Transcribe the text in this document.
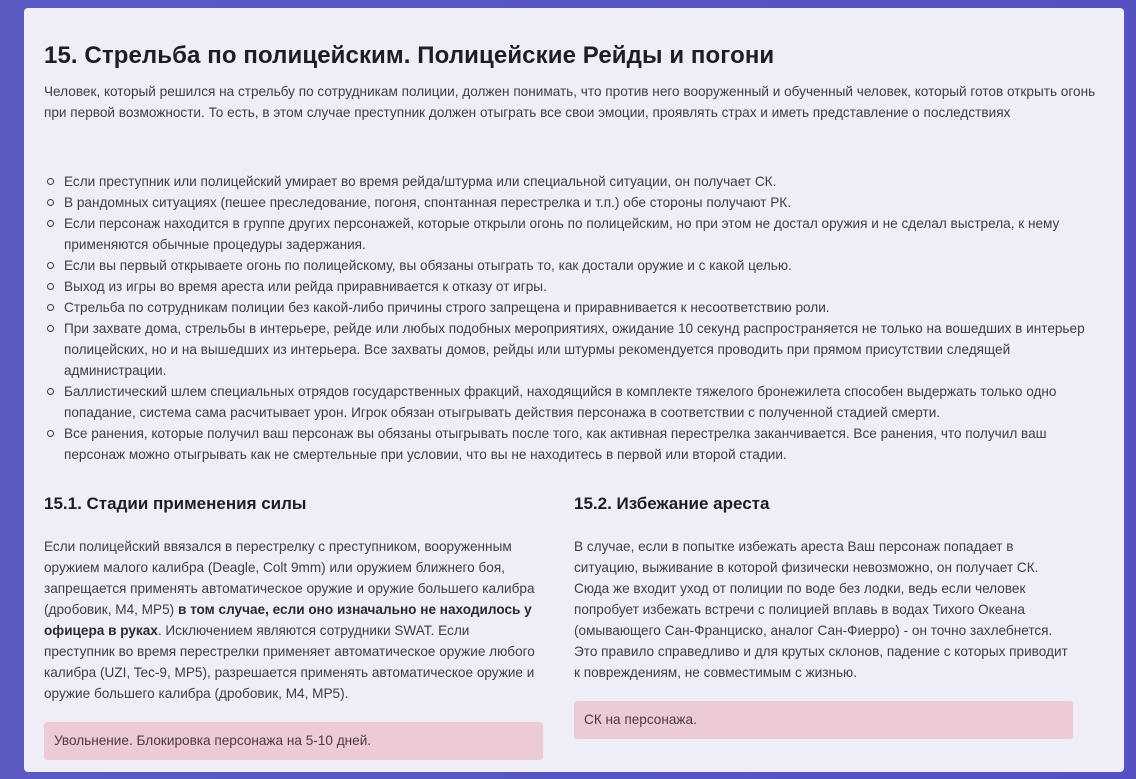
15. Стрельба по полицейским. Полицейские Рейды и погони

Человек, который решился на стрельбу по сотрудникам полиции, должен понимать, что против него вооруженный и обученный человек, который готов открыть огонь при первой возможности. То есть, в этом случае преступник должен отыграть все свои эмоции, проявлять страх и иметь представление о последствиях

Если преступник или полицейский умирает во время рейда/штурма или специальной ситуации, он получает СК.
В рандомных ситуациях (пешее преследование, погоня, спонтанная перестрелка и т.п.) обе стороны получают РК.
Если персонаж находится в группе других персонажей, которые открыли огонь по полицейским, но при этом не достал оружия и не сделал выстрела, к нему применяются обычные процедуры задержания.
Если вы первый открываете огонь по полицейскому, вы обязаны отыграть то, как достали оружие и с какой целью.
Выход из игры во время ареста или рейда приравнивается к отказу от игры.
Стрельба по сотрудникам полиции без какой-либо причины строго запрещена и приравнивается к несоответствию роли.
При захвате дома, стрельбы в интерьере, рейде или любых подобных мероприятиях, ожидание 10 секунд распространяется не только на вошедших в интерьер полицейских, но и на вышедших из интерьера. Все захваты домов, рейды или штурмы рекомендуется проводить при прямом присутствии следящей администрации.
Баллистический шлем специальных отрядов государственных фракций, находящийся в комплекте тяжелого бронежилета способен выдержать только одно попадание, система сама расчитывает урон. Игрок обязан отыгрывать действия персонажа в соответствии с полученной стадией смерти.
Все ранения, которые получил ваш персонаж вы обязаны отыгрывать после того, как активная перестрелка заканчивается. Все ранения, что получил ваш персонаж можно отыгрывать как не смертельные при условии, что вы не находитесь в первой или второй стадии.
15.1. Стадии применения силы

Если полицейский ввязался в перестрелку с преступником, вооруженным оружием малого калибра (Deagle, Colt 9mm) или оружием ближнего боя, запрещается применять автоматическое оружие и оружие большего калибра (дробовик, M4, MP5) в том случае, если оно изначально не находилось у офицера в руках. Исключением являются сотрудники SWAT. Если преступник во время перестрелки применяет автоматическое оружие любого калибра (UZI, Tec-9, MP5), разрешается применять автоматическое оружие и оружие большего калибра (дробовик, M4, MP5).

Увольнение. Блокировка персонажа на 5-10 дней.
15.2. Избежание ареста

В случае, если в попытке избежать ареста Ваш персонаж попадает в ситуацию, выживание в которой физически невозможно, он получает СК. Сюда же входит уход от полиции по воде без лодки, ведь если человек попробует избежать встречи с полицией вплавь в водах Тихого Океана (омывающего Сан-Франциско, аналог Сан-Фиерро) - он точно захлебнется. Это правило справедливо и для крутых склонов, падение с которых приводит к повреждениям, не совместимым с жизнью.

СК на персонажа.
